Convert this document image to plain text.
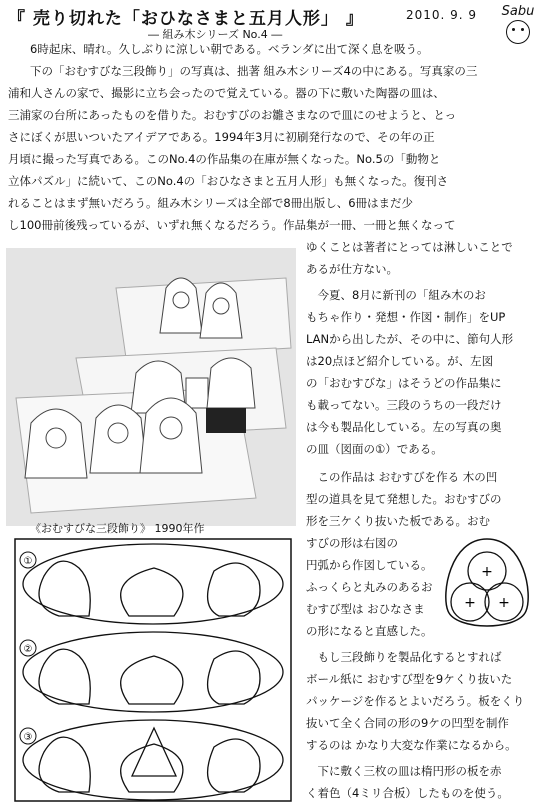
『 売り切れた「おひなさまと五月人形」 』
― 組み木シリーズ No.4 ―
2010. 9. 9 Sabu
6時起床、晴れ。久しぶりに涼しい朝である。ベランダに出て深く息を吸う。
下の「おむすびな三段飾り」の写真は、拙著 組み木シリーズ4の中にある。写真家の三
浦和人さんの家で、撮影に立ち会ったので覚えている。器の下に敷いた陶器の皿は、
三浦家の台所にあったものを借りた。おむすびのお雛さまなので皿にのせようと、とっ
さにぼくが思いついたアイデアである。1994年3月に初刷発行なので、その年の正
月頃に撮った写真である。このNo.4の作品集の在庫が無くなった。No.5の「動物と
立体パズル」に続いて、このNo.4の「おひなさまと五月人形」も無くなった。復刊さ
れることはまず無いだろう。組み木シリーズは全部で8冊出版し、6冊はまだ少
し100冊前後残っているが、いずれ無くなるだろう。作品集が一冊、一冊と無くなって
ゆくことは著者にとっては淋しいことで
あるが仕方ない。
　今夏、8月に新刊の「組み木のお
もちゃ作り・発想・作図・制作」をUP
LANから出したが、その中に、節句人形
は20点ほど紹介している。が、左図
の「おむすびな」はそうどの作品集に
も載ってない。三段のうちの一段だけ
は今も製品化している。左の写真の奥
の皿（図面の①）である。
　この作品は おむすびを作る 木の凹
型の道具を見て発想した。おむすびの
形を三ケくり抜いた板である。おむ
すびの形は右図の
円弧から作図している。
ふっくらと丸みのあるお
むすび型は おひなさま
の形になると直感した。
　もし三段飾りを製品化するとすれば
ボール紙に おむすび型を9ケくり抜いた
パッケージを作るとよいだろう。板をくり
抜いて全く合同の形の9ケの凹型を制作
するのは かなり大変な作業になるから。
　下に敷く三枚の皿は楕円形の板を赤
く着色（4ミリ合板）したものを使う。
《おむすびな三段飾り》 1990年作
①
②
③
+
+ +
